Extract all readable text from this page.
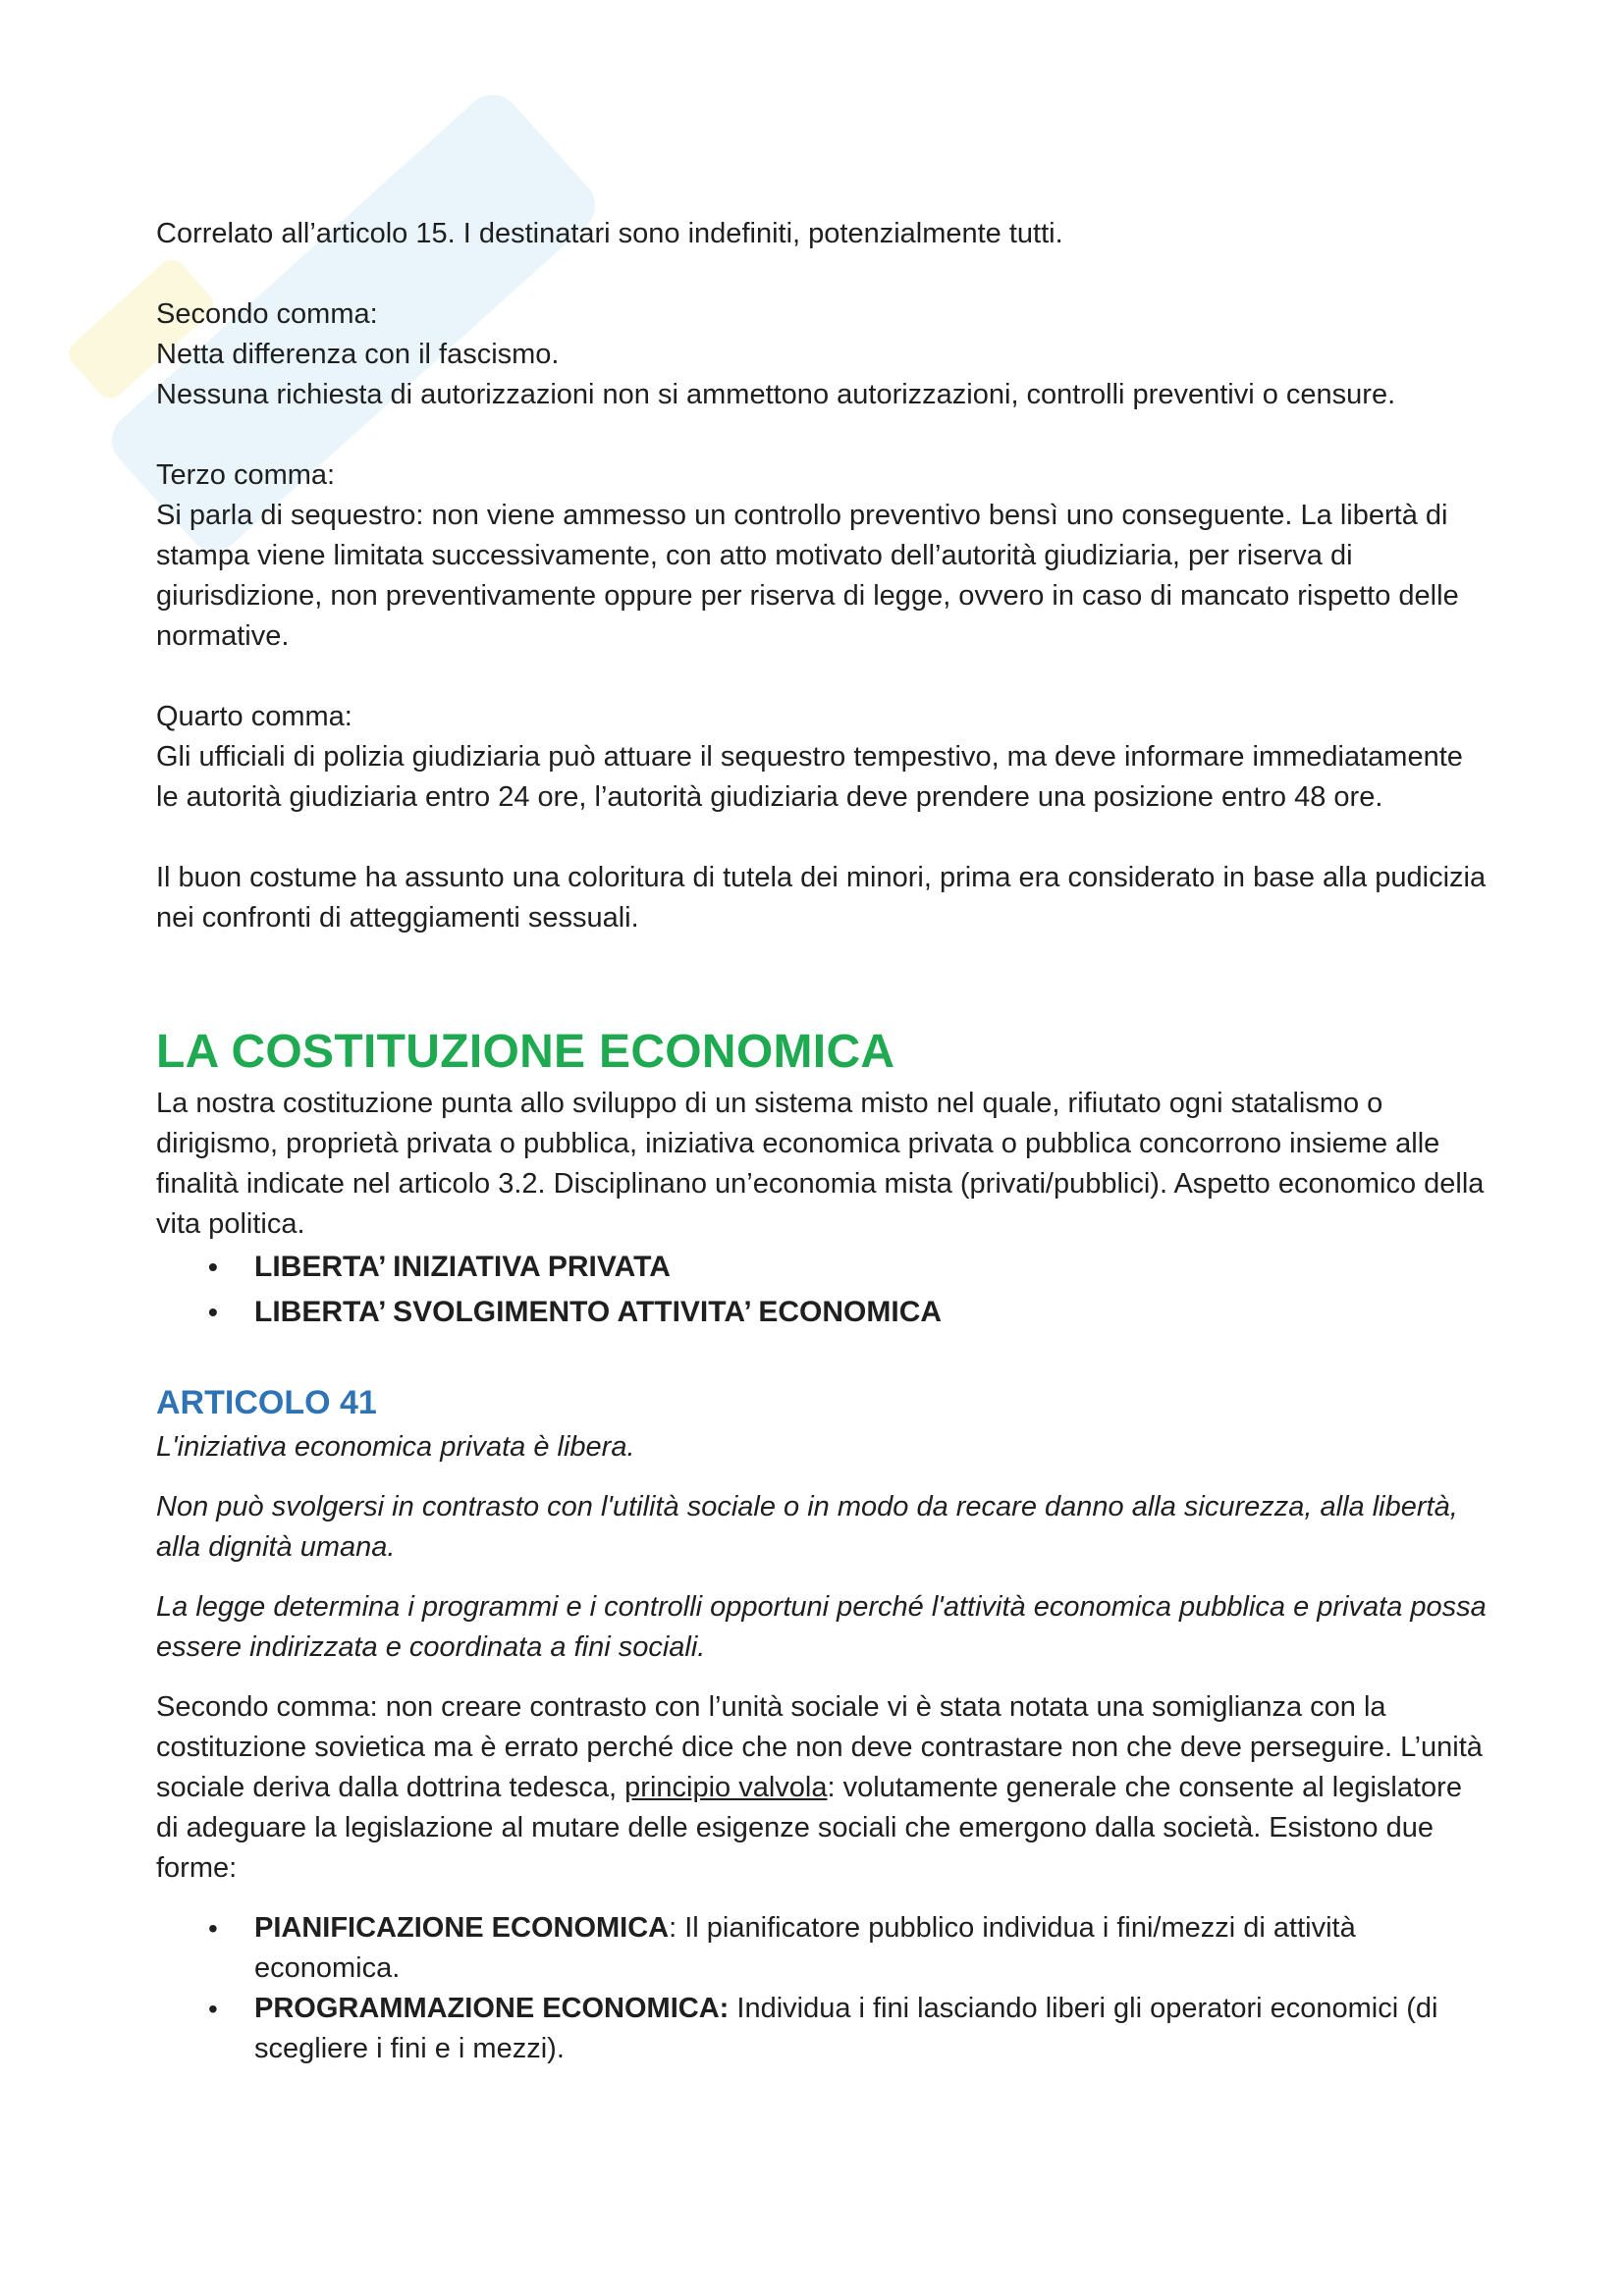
Correlato all’articolo 15. I destinatari sono indefiniti, potenzialmente tutti.

Secondo comma:

Netta differenza con il fascismo.

Nessuna richiesta di autorizzazioni non si ammettono autorizzazioni, controlli preventivi o censure.

Terzo comma:

Si parla di sequestro: non viene ammesso un controllo preventivo bensì uno conseguente. La libertà di stampa viene limitata successivamente, con atto motivato dell’autorità giudiziaria, per riserva di giurisdizione, non preventivamente oppure per riserva di legge, ovvero in caso di mancato rispetto delle normative.

Quarto comma:

Gli ufficiali di polizia giudiziaria può attuare il sequestro tempestivo, ma deve informare immediatamente le autorità giudiziaria entro 24 ore, l’autorità giudiziaria deve prendere una posizione entro 48 ore.

Il buon costume ha assunto una coloritura di tutela dei minori, prima era considerato in base alla pudicizia nei confronti di atteggiamenti sessuali.

LA COSTITUZIONE ECONOMICA

La nostra costituzione punta allo sviluppo di un sistema misto nel quale, rifiutato ogni statalismo o dirigismo, proprietà privata o pubblica, iniziativa economica privata o pubblica concorrono insieme alle finalità indicate nel articolo 3.2. Disciplinano un’economia mista (privati/pubblici). Aspetto economico della vita politica.

• LIBERTA’ INIZIATIVA PRIVATA
• LIBERTA’ SVOLGIMENTO ATTIVITA’ ECONOMICA
ARTICOLO 41

L'iniziativa economica privata è libera.

Non può svolgersi in contrasto con l'utilità sociale o in modo da recare danno alla sicurezza, alla libertà, alla dignità umana.

La legge determina i programmi e i controlli opportuni perché l'attività economica pubblica e privata possa essere indirizzata e coordinata a fini sociali.

Secondo comma: non creare contrasto con l’unità sociale vi è stata notata una somiglianza con la costituzione sovietica ma è errato perché dice che non deve contrastare non che deve perseguire. L’unità sociale deriva dalla dottrina tedesca, principio valvola: volutamente generale che consente al legislatore di adeguare la legislazione al mutare delle esigenze sociali che emergono dalla società. Esistono due forme:

• PIANIFICAZIONE ECONOMICA: Il pianificatore pubblico individua i fini/mezzi di attività economica.
• PROGRAMMAZIONE ECONOMICA: Individua i fini lasciando liberi gli operatori economici (di scegliere i fini e i mezzi).
